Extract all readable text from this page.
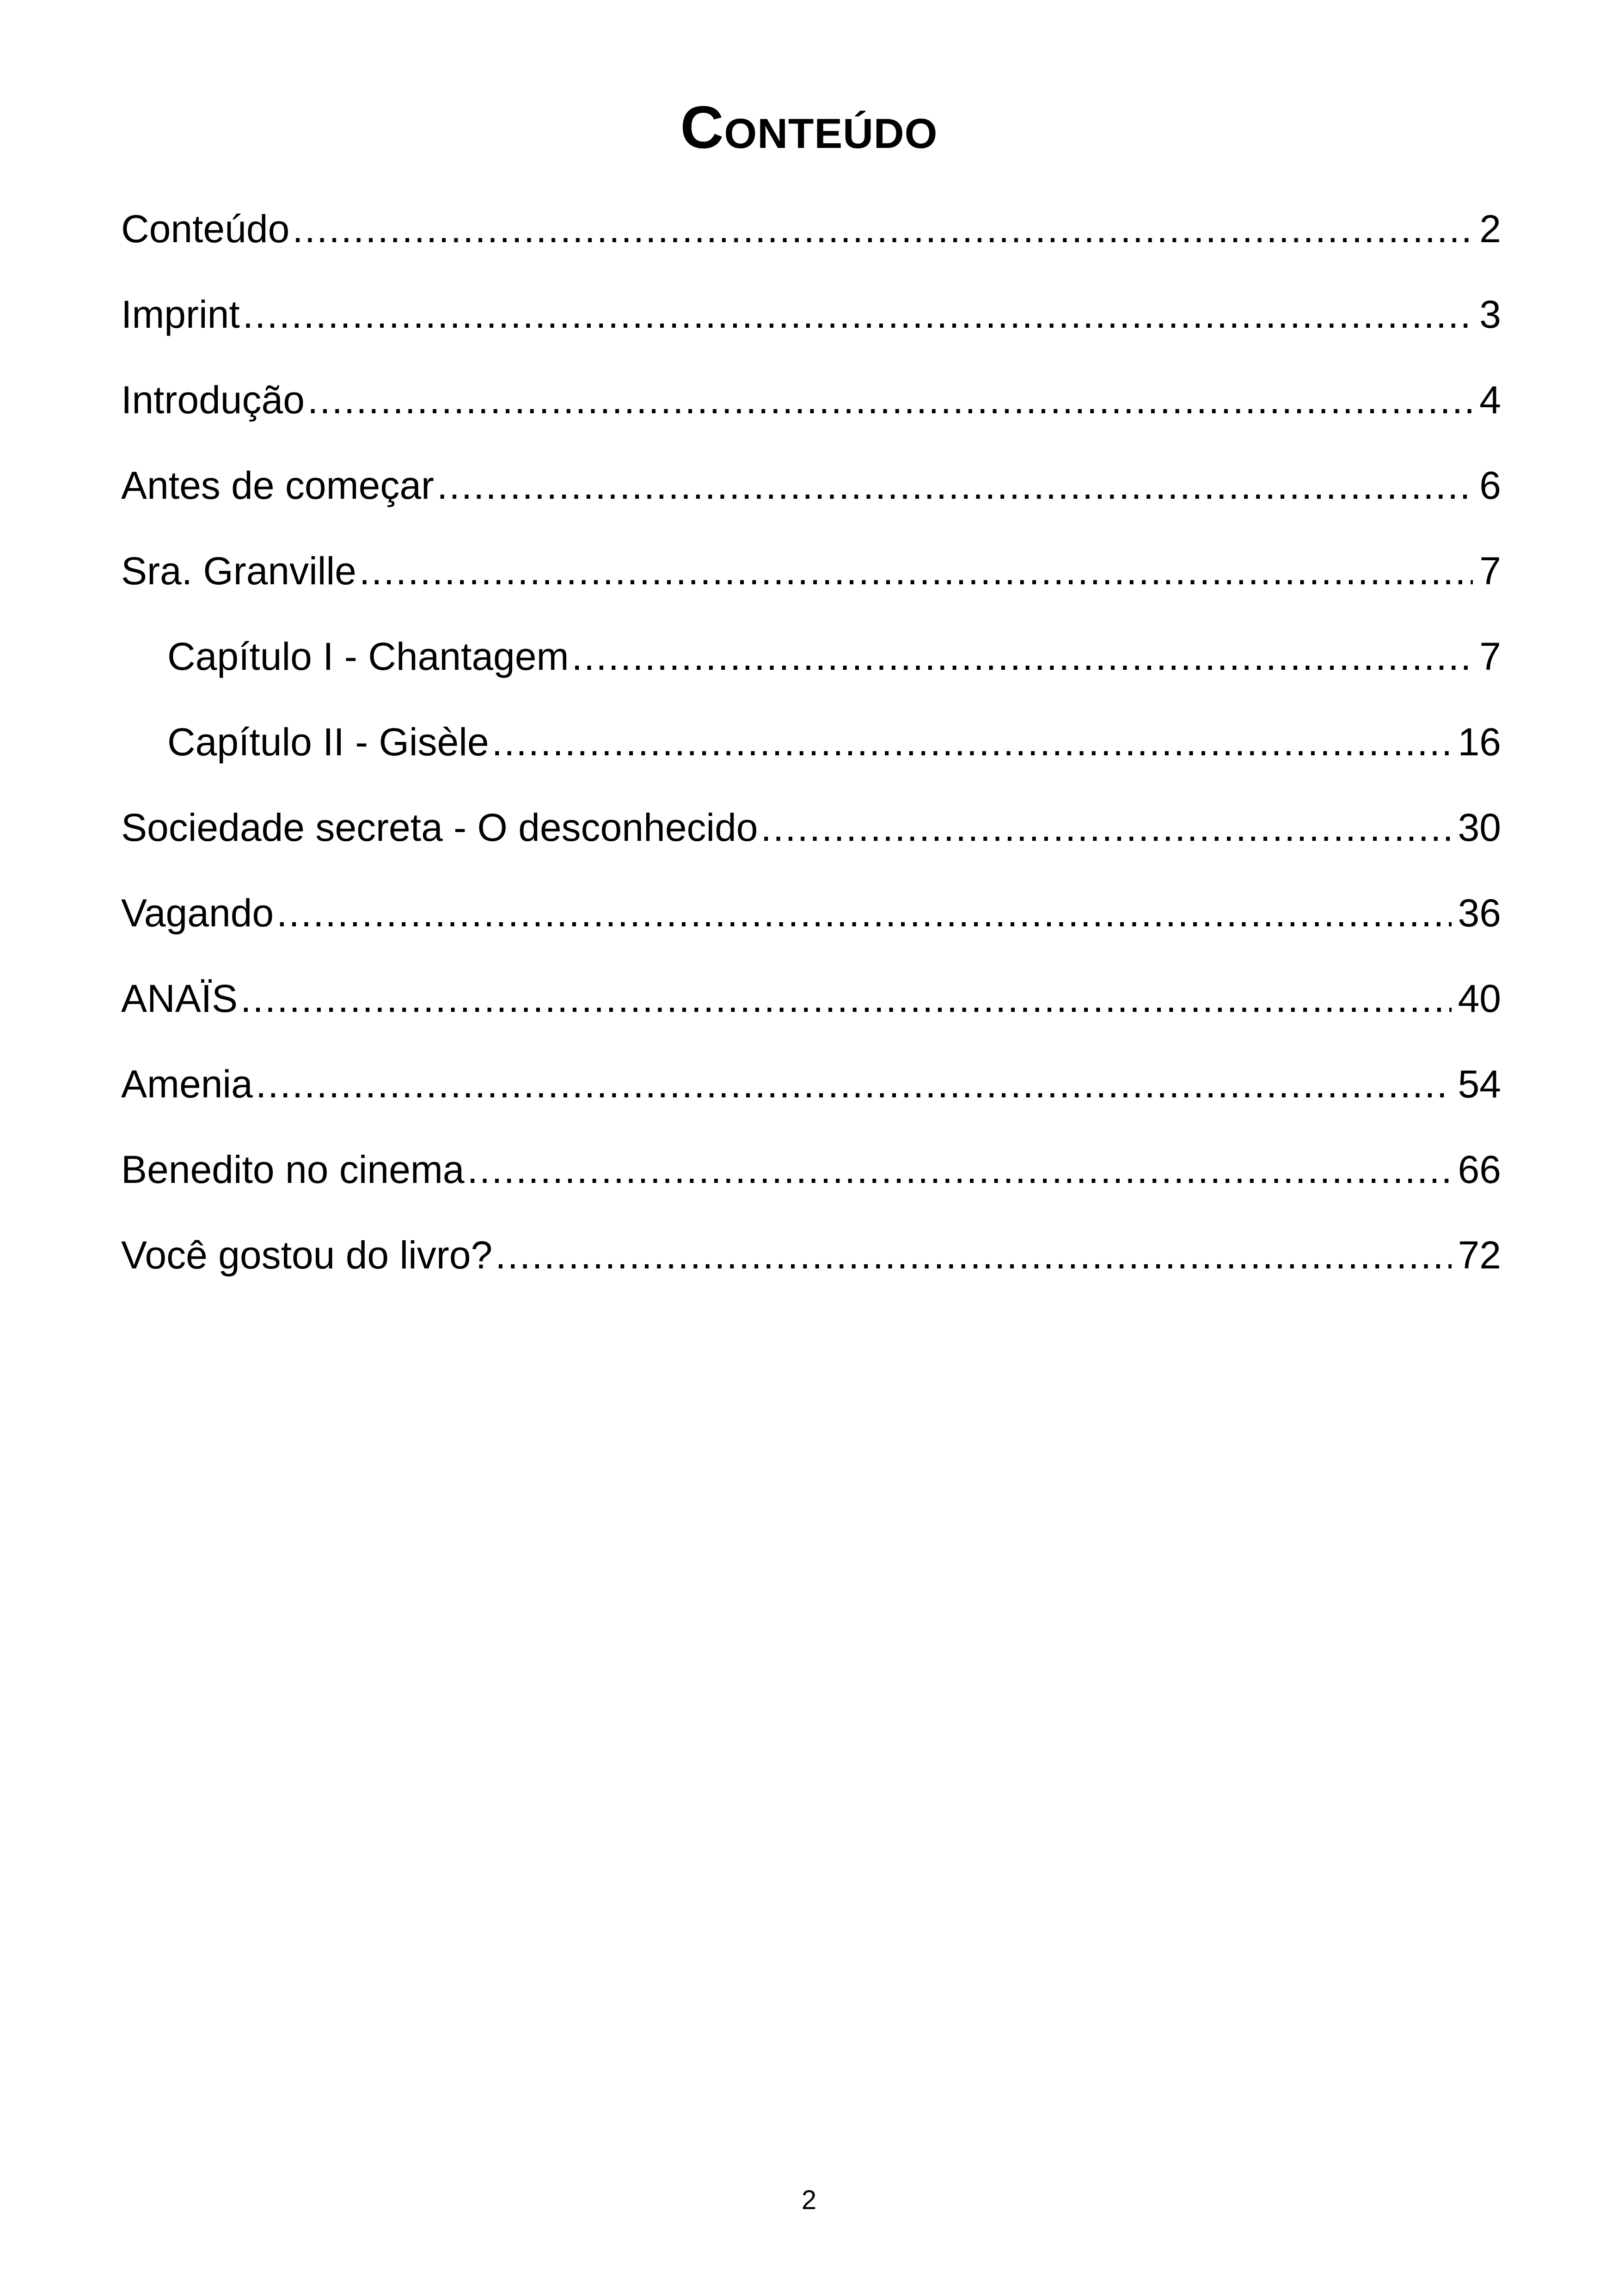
Conteúdo
Conteúdo .....	2
Imprint .....	3
Introdução .....	4
Antes de começar .....	6
Sra. Granville .....	7
Capítulo I - Chantagem .....	7
Capítulo II - Gisèle .....	16
Sociedade secreta - O desconhecido .....	30
Vagando .....	36
ANAÏS .....	40
Amenia .....	54
Benedito no cinema .....	66
Você gostou do livro? .....	72
2
